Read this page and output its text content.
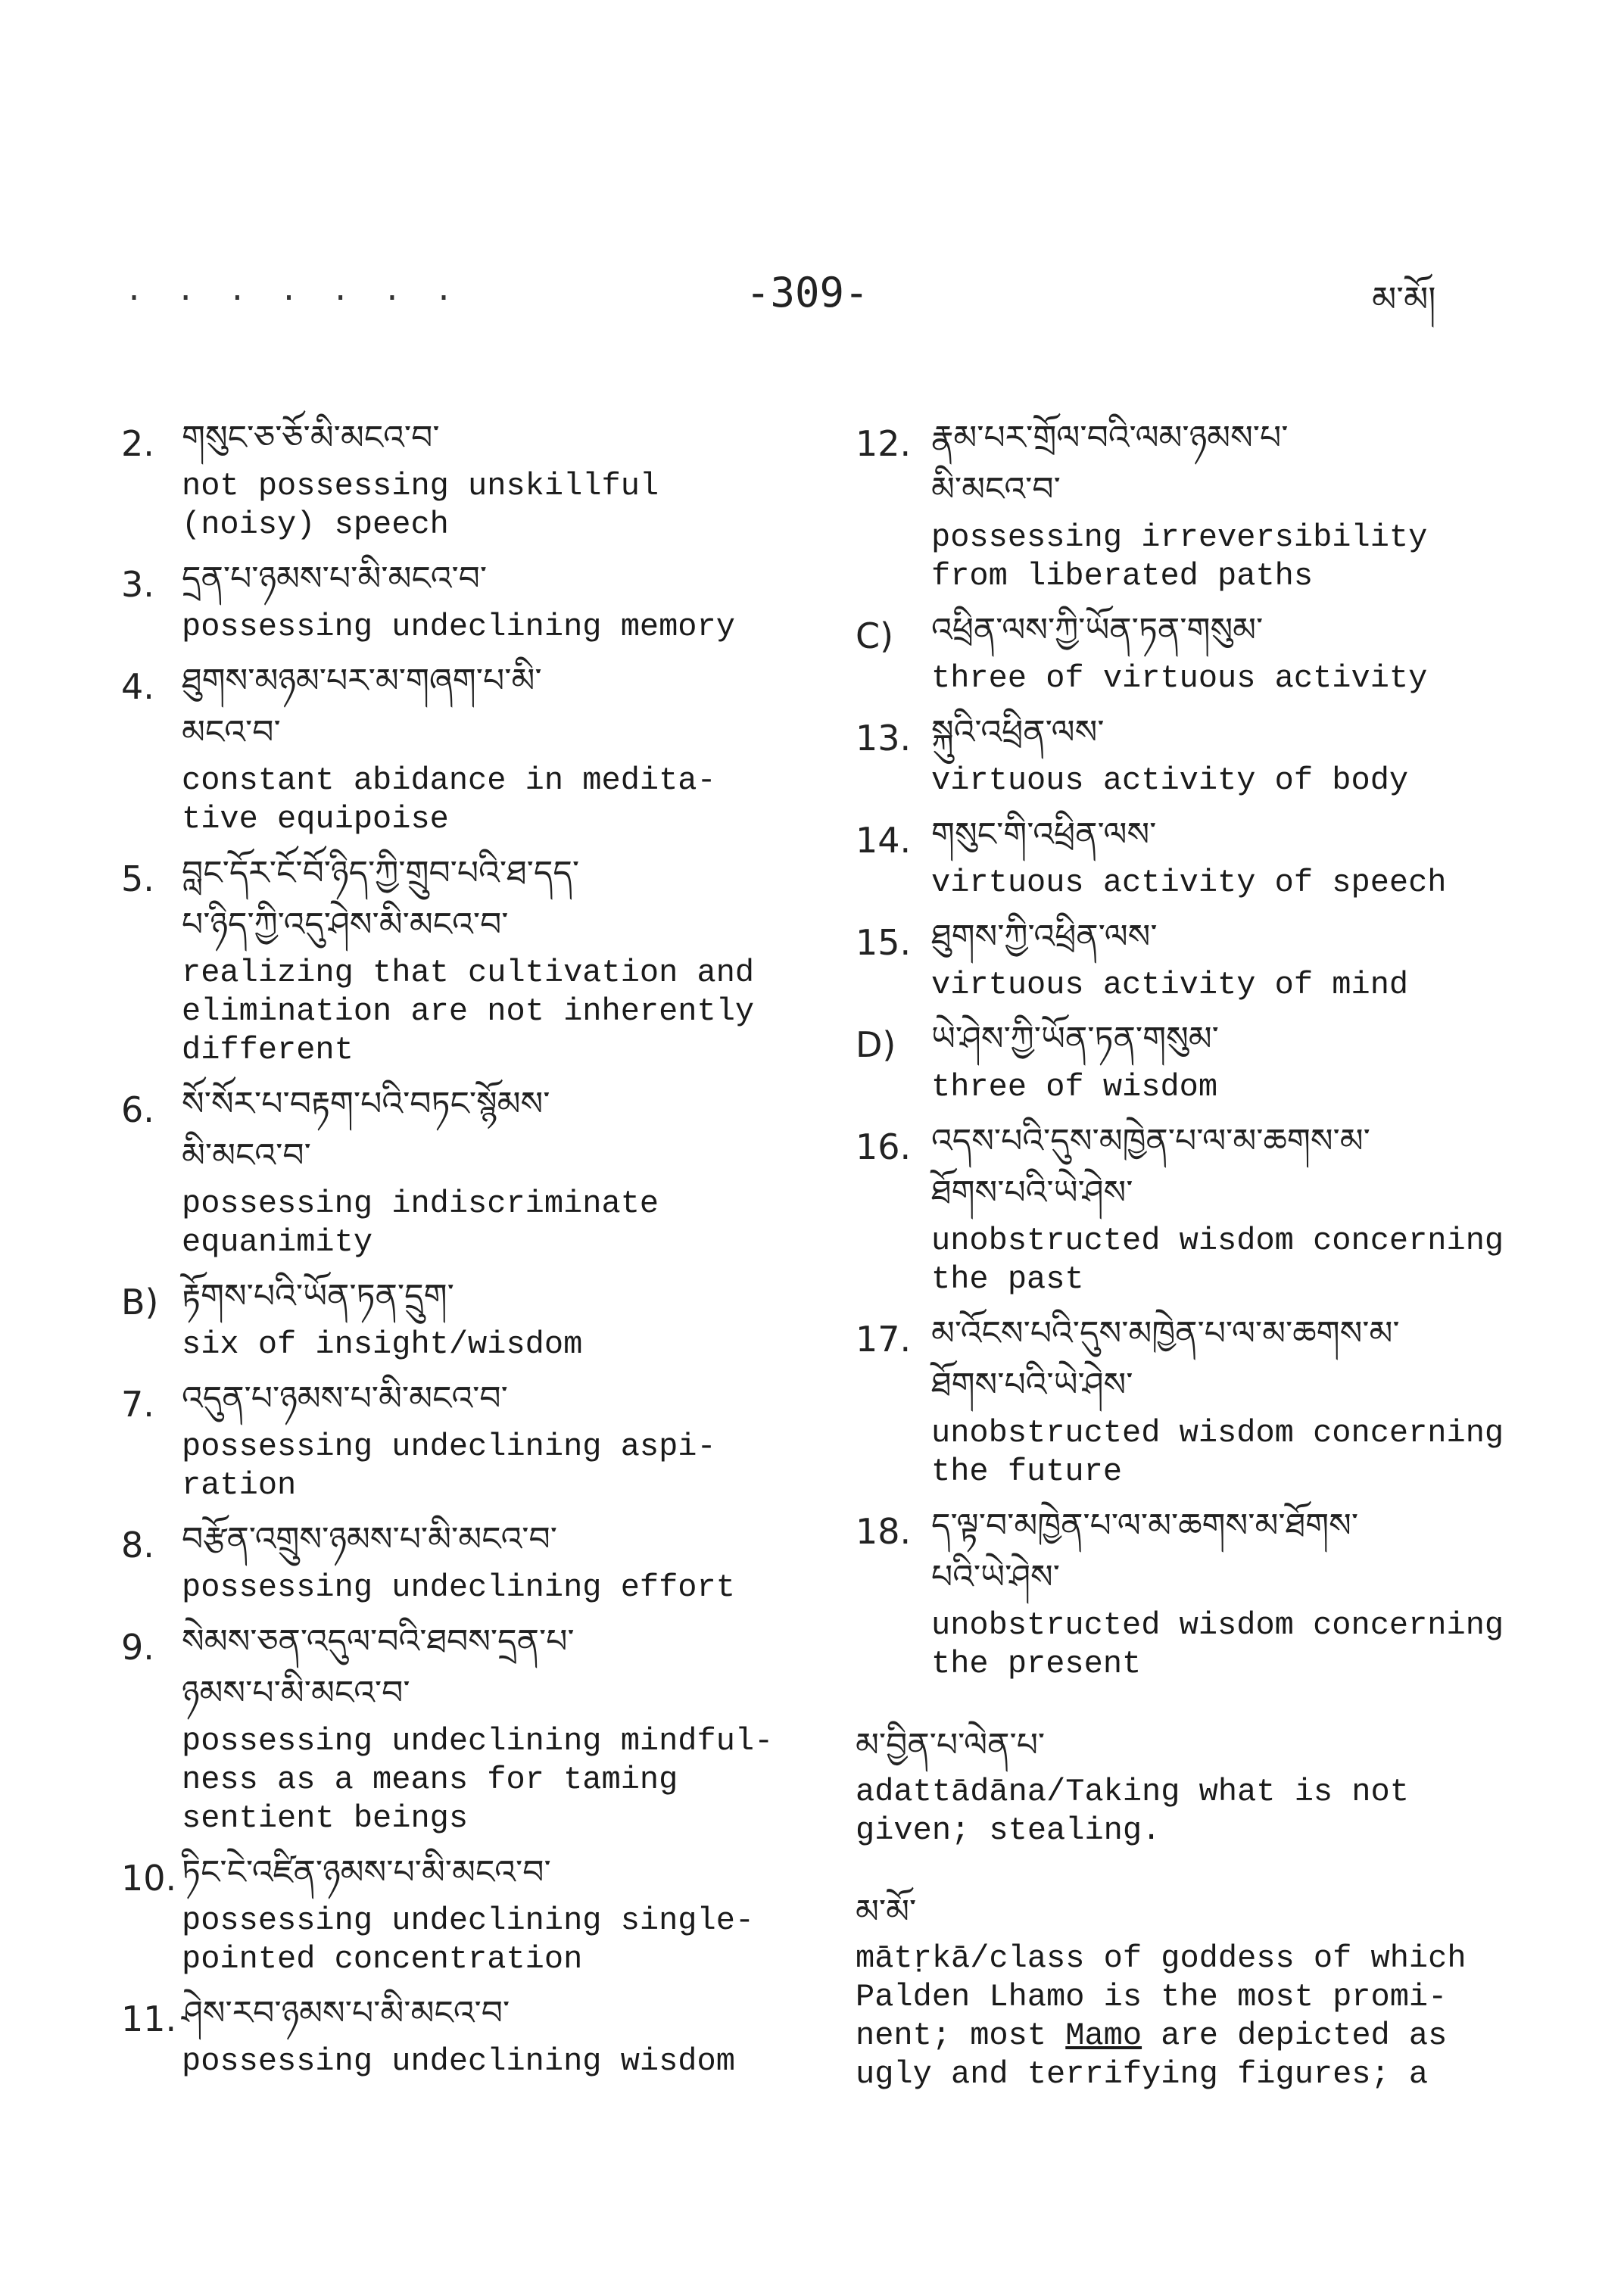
. . . . . . .	-309-	མ་མོ།
2. གསུང་ཅ་ཅོ་མི་མངའ་བ་
not possessing unskillful
(noisy) speech
3. དྲན་པ་ཉམས་པ་མི་མངའ་བ་
possessing undeclining memory
4. ཐུགས་མཉམ་པར་མ་གཞག་པ་མི་
མངའ་བ་
constant abidance in medita-
tive equipoise
5. བླང་དོར་ངོ་བོ་ཉིད་ཀྱི་གྲུབ་པའི་ཐ་དད་
པ་ཉིད་ཀྱི་འདུ་ཤེས་མི་མངའ་བ་
realizing that cultivation and
elimination are not inherently
different
6. སོ་སོར་པ་བརྟག་པའི་བཏང་སྙོམས་
མི་མངའ་བ་
possessing indiscriminate
equanimity
B) རྟོགས་པའི་ཡོན་ཏན་དྲུག་
six of insight/wisdom
7. འདུན་པ་ཉམས་པ་མི་མངའ་བ་
possessing undeclining aspi-
ration
8. བརྩོན་འགྲུས་ཉམས་པ་མི་མངའ་བ་
possessing undeclining effort
9. སེམས་ཅན་འདུལ་བའི་ཐབས་དྲན་པ་
ཉམས་པ་མི་མངའ་བ་
possessing undeclining mindful-
ness as a means for taming
sentient beings
10. ཏིང་ངེ་འཛིན་ཉམས་པ་མི་མངའ་བ་
possessing undeclining single-
pointed concentration
11. ཤེས་རབ་ཉམས་པ་མི་མངའ་བ་
possessing undeclining wisdom
12. རྣམ་པར་གྲོལ་བའི་ལམ་ཉམས་པ་
མི་མངའ་བ་
possessing irreversibility
from liberated paths
C) འཕྲིན་ལས་ཀྱི་ཡོན་ཏན་གསུམ་
three of virtuous activity
13. སྐུའི་འཕྲིན་ལས་
virtuous activity of body
14. གསུང་གི་འཕྲིན་ལས་
virtuous activity of speech
15. ཐུགས་ཀྱི་འཕྲིན་ལས་
virtuous activity of mind
D) ཡེ་ཤེས་ཀྱི་ཡོན་ཏན་གསུམ་
three of wisdom
16. འདས་པའི་དུས་མཁྱེན་པ་ལ་མ་ཆགས་མ་
ཐོགས་པའི་ཡེ་ཤེས་
unobstructed wisdom concerning
the past
17. མ་འོངས་པའི་དུས་མཁྱེན་པ་ལ་མ་ཆགས་མ་
ཐོགས་པའི་ཡེ་ཤེས་
unobstructed wisdom concerning
the future
18. ད་ལྟ་བ་མཁྱེན་པ་ལ་མ་ཆགས་མ་ཐོགས་
པའི་ཡེ་ཤེས་
unobstructed wisdom concerning
the present
མ་བྱིན་པ་ལེན་པ་
adattādāna/Taking what is not
given; stealing.
མ་མོ་
mātṛkā/class of goddess of which
Palden Lhamo is the most promi-
nent; most Mamo are depicted as
ugly and terrifying figures; a
